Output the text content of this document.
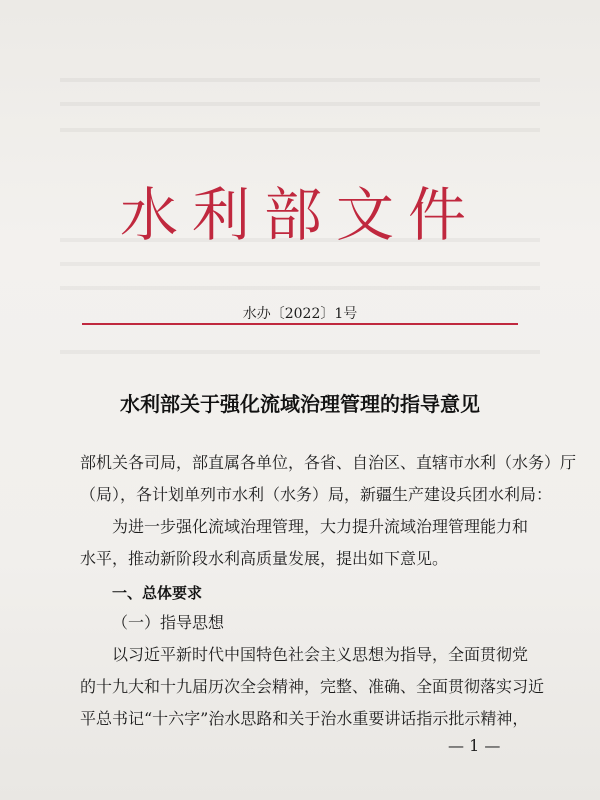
水利部文件
水办〔2022〕1号
水利部关于强化流域治理管理的指导意见
部机关各司局，部直属各单位，各省、自治区、直辖市水利（水务）厅
（局），各计划单列市水利（水务）局，新疆生产建设兵团水利局：
为进一步强化流域治理管理，大力提升流域治理管理能力和
水平，推动新阶段水利高质量发展，提出如下意见。
一、总体要求
（一）指导思想
以习近平新时代中国特色社会主义思想为指导，全面贯彻党
的十九大和十九届历次全会精神，完整、准确、全面贯彻落实习近
平总书记“十六字”治水思路和关于治水重要讲话指示批示精神，
— 1 —
